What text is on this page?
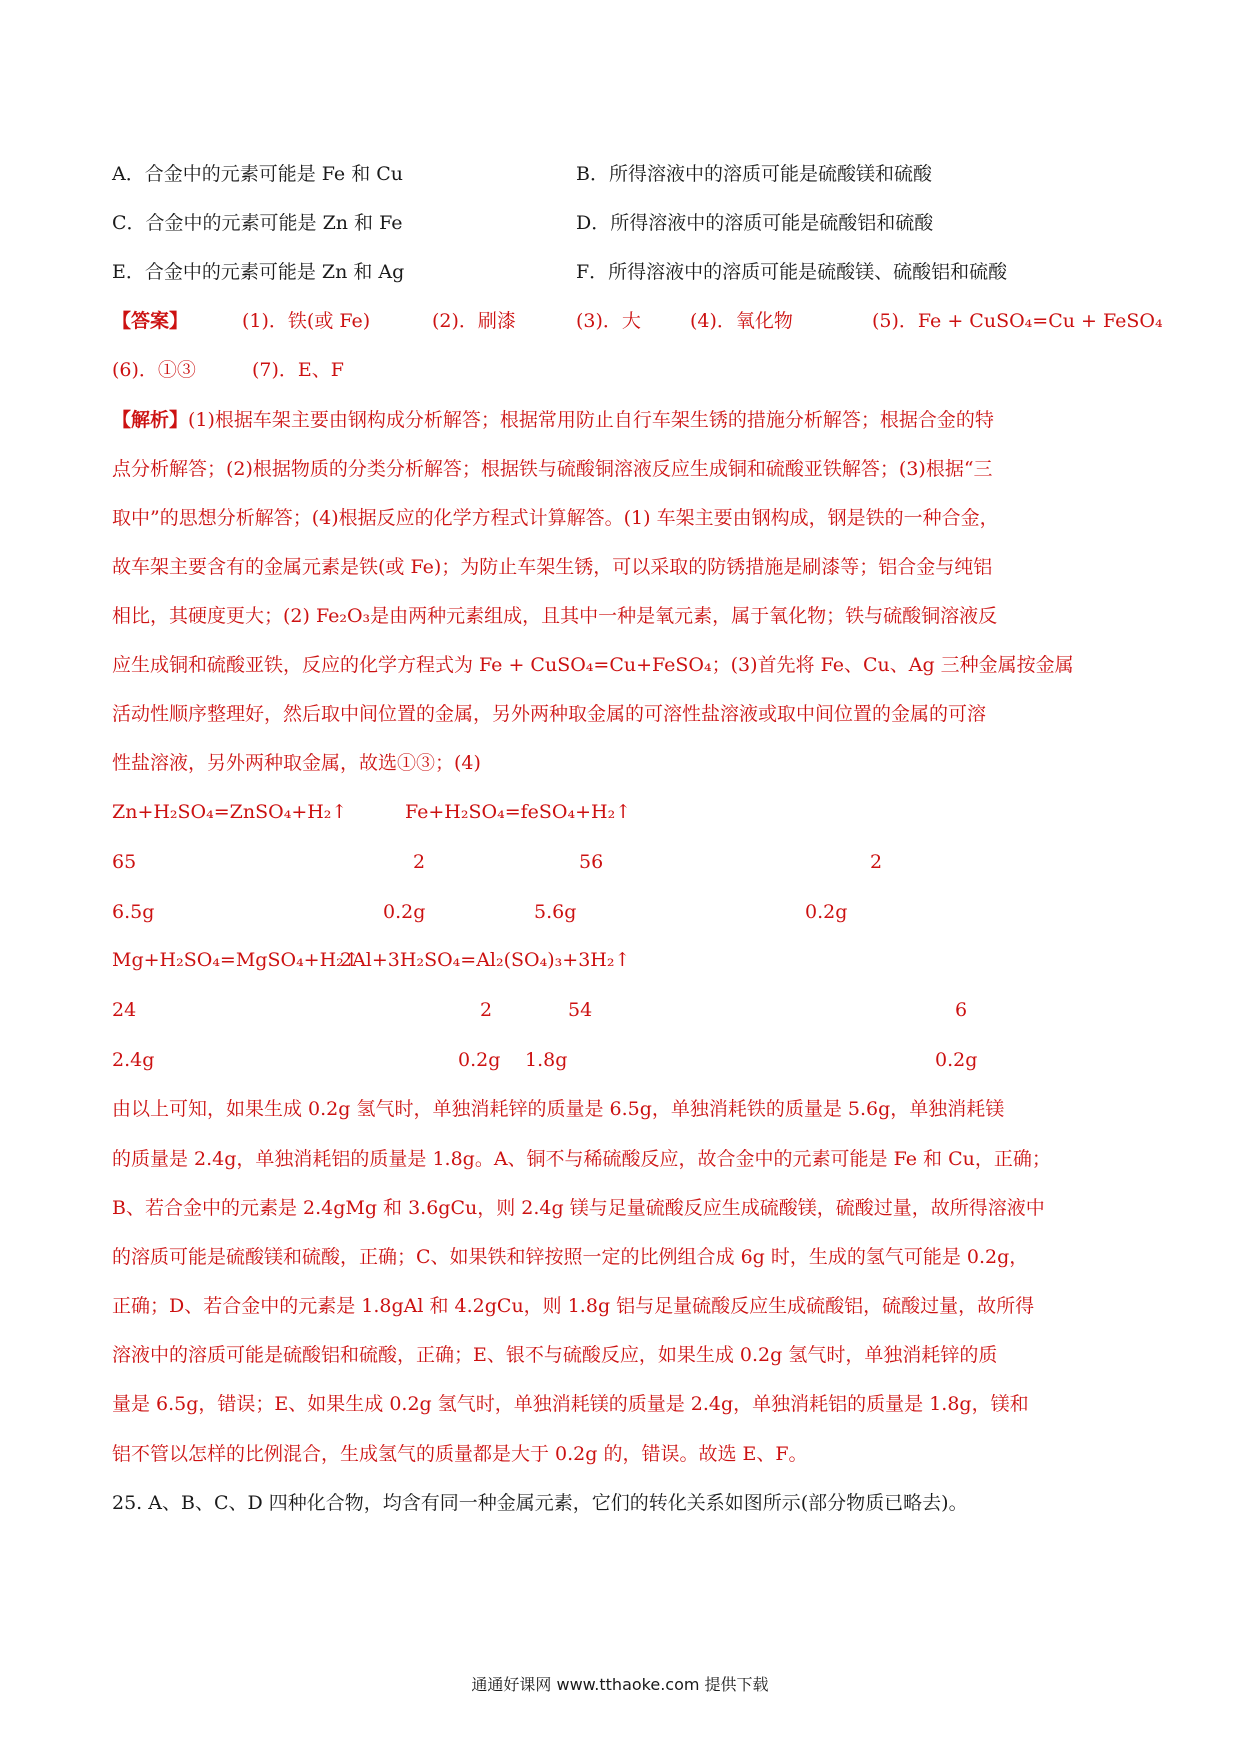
A．合金中的元素可能是 Fe 和 Cu	B．所得溶液中的溶质可能是硫酸镁和硫酸
C．合金中的元素可能是 Zn 和 Fe	D．所得溶液中的溶质可能是硫酸铝和硫酸
E．合金中的元素可能是 Zn 和 Ag	F．所得溶液中的溶质可能是硫酸镁、硫酸铝和硫酸
【答案】	(1)．铁(或 Fe)	(2)．刷漆	(3)．大	(4)．氧化物	(5)．Fe + CuSO₄=Cu + FeSO₄
(6)．①③	(7)．E、F
【解析】(1)根据车架主要由钢构成分析解答；根据常用防止自行车架生锈的措施分析解答；根据合金的特
点分析解答；(2)根据物质的分类分析解答；根据铁与硫酸铜溶液反应生成铜和硫酸亚铁解答；(3)根据“三
取中”的思想分析解答；(4)根据反应的化学方程式计算解答。(1) 车架主要由钢构成，钢是铁的一种合金，
故车架主要含有的金属元素是铁(或 Fe)；为防止车架生锈，可以采取的防锈措施是刷漆等；铝合金与纯铝
相比，其硬度更大；(2) Fe₂O₃是由两种元素组成，且其中一种是氧元素，属于氧化物；铁与硫酸铜溶液反
应生成铜和硫酸亚铁，反应的化学方程式为 Fe + CuSO₄=Cu+FeSO₄；(3)首先将 Fe、Cu、Ag 三种金属按金属
活动性顺序整理好，然后取中间位置的金属，另外两种取金属的可溶性盐溶液或取中间位置的金属的可溶
性盐溶液，另外两种取金属，故选①③；(4)
Zn+H₂SO₄=ZnSO₄+H₂↑	Fe+H₂SO₄=feSO₄+H₂↑
65	2	56	2
6.5g	0.2g	5.6g	0.2g
Mg+H₂SO₄=MgSO₄+H₂↑
2Al+3H₂SO₄=Al₂(SO₄)₃+3H₂↑
24	2	54	6
2.4g	0.2g 1.8g	0.2g
由以上可知，如果生成 0.2g 氢气时，单独消耗锌的质量是 6.5g，单独消耗铁的质量是 5.6g，单独消耗镁
的质量是 2.4g，单独消耗铝的质量是 1.8g。A、铜不与稀硫酸反应，故合金中的元素可能是 Fe 和 Cu，正确；
B、若合金中的元素是 2.4gMg 和 3.6gCu，则 2.4g 镁与足量硫酸反应生成硫酸镁，硫酸过量，故所得溶液中
的溶质可能是硫酸镁和硫酸，正确；C、如果铁和锌按照一定的比例组合成 6g 时，生成的氢气可能是 0.2g，
正确；D、若合金中的元素是 1.8gAl 和 4.2gCu，则 1.8g 铝与足量硫酸反应生成硫酸铝，硫酸过量，故所得
溶液中的溶质可能是硫酸铝和硫酸，正确；E、银不与硫酸反应，如果生成 0.2g 氢气时，单独消耗锌的质
量是 6.5g，错误；E、如果生成 0.2g 氢气时，单独消耗镁的质量是 2.4g，单独消耗铝的质量是 1.8g，镁和
铝不管以怎样的比例混合，生成氢气的质量都是大于 0.2g 的，错误。故选 E、F。
25. A、B、C、D 四种化合物，均含有同一种金属元素，它们的转化关系如图所示(部分物质已略去)。
通通好课网 www.tthaoke.com 提供下载
